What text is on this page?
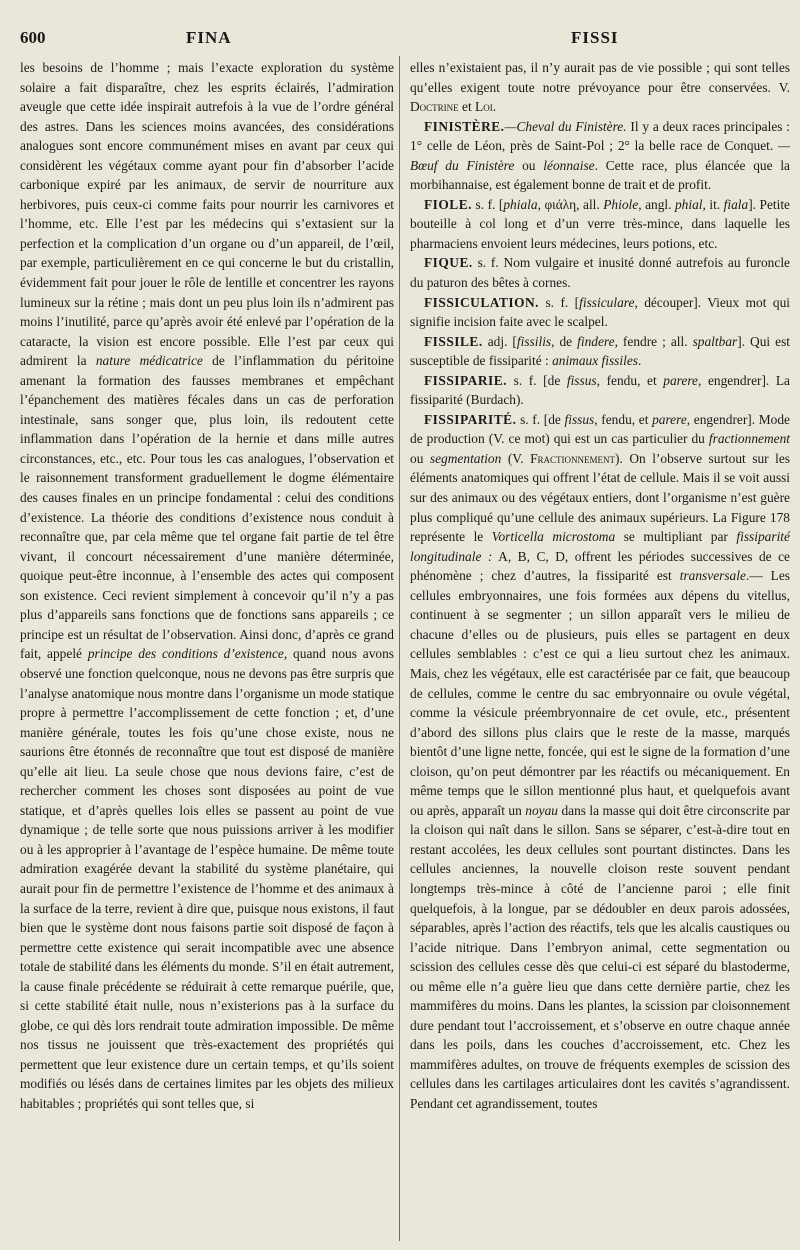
600	FINA	FISSI

les besoins de l’homme ; mais l’exacte exploration du système solaire a fait disparaître, chez les esprits éclairés, l’admiration aveugle que cette idée inspirait autrefois à la vue de l’ordre général des astres. Dans les sciences moins avancées, des considérations analogues sont encore communément mises en avant par ceux qui considèrent les végétaux comme ayant pour fin d’absorber l’acide carbonique expiré par les animaux, de servir de nourriture aux herbivores, puis ceux-ci comme faits pour nourrir les carnivores et l’homme, etc. Elle l’est par les médecins qui s’extasient sur la perfection et la complication d’un organe ou d’un appareil, de l’œil, par exemple, particulièrement en ce qui concerne le but du cristallin, évidemment fait pour jouer le rôle de lentille et concentrer les rayons lumineux sur la rétine ; mais dont un peu plus loin ils n’admirent pas moins l’inutilité, parce qu’après avoir été enlevé par l’opération de la cataracte, la vision est encore possible. Elle l’est par ceux qui admirent la nature médicatrice de l’inflammation du péritoine amenant la formation des fausses membranes et empêchant l’épanchement des matières fécales dans un cas de perforation intestinale, sans songer que, plus loin, ils redoutent cette inflammation dans l’opération de la hernie et dans mille autres circonstances, etc., etc. Pour tous les cas analogues, l’observation et le raisonnement transforment graduellement le dogme élémentaire des causes finales en un principe fondamental : celui des conditions d’existence. La théorie des conditions d’existence nous conduit à reconnaître que, par cela même que tel organe fait partie de tel être vivant, il concourt nécessairement d’une manière déterminée, quoique peut-être inconnue, à l’ensemble des actes qui composent son existence. Ceci revient simplement à concevoir qu’il n’y a pas plus d’appareils sans fonctions que de fonctions sans appareils ; ce principe est un résultat de l’observation. Ainsi donc, d’après ce grand fait, appelé principe des conditions d’existence, quand nous avons observé une fonction quelconque, nous ne devons pas être surpris que l’analyse anatomique nous montre dans l’organisme un mode statique propre à permettre l’accomplissement de cette fonction ; et, d’une manière générale, toutes les fois qu’une chose existe, nous ne saurions être étonnés de reconnaître que tout est disposé de manière qu’elle ait lieu. La seule chose que nous devions faire, c’est de rechercher comment les choses sont disposées au point de vue statique, et d’après quelles lois elles se passent au point de vue dynamique ; de telle sorte que nous puissions arriver à les modifier ou à les approprier à l’avantage de l’espèce humaine. De même toute admiration exagérée devant la stabilité du système planétaire, qui aurait pour fin de permettre l’existence de l’homme et des animaux à la surface de la terre, revient à dire que, puisque nous existons, il faut bien que le système dont nous faisons partie soit disposé de façon à permettre cette existence qui serait incompatible avec une absence totale de stabilité dans les éléments du monde. S’il en était autrement, la cause finale précédente se réduirait à cette remarque puérile, que, si cette stabilité était nulle, nous n’existerions pas à la surface du globe, ce qui dès lors rendrait toute admiration impossible. De même nos tissus ne jouissent que très-exactement des propriétés qui permettent que leur existence dure un certain temps, et qu’ils soient modifiés ou lésés dans de certaines limites par les objets des milieux habitables ; propriétés qui sont telles que, si

elles n’existaient pas, il n’y aurait pas de vie possible ; qui sont telles qu’elles exigent toute notre prévoyance pour être conservées. V. Doctrine et Loi.

FINISTÈRE.—Cheval du Finistère. Il y a deux races principales : 1° celle de Léon, près de Saint-Pol ; 2° la belle race de Conquet. — Bœuf du Finistère ou léonnaise. Cette race, plus élancée que la morbihannaise, est également bonne de trait et de profit.

FIOLE. s. f. [phiala, φιάλη, all. Phiole, angl. phial, it. fiala]. Petite bouteille à col long et d’un verre très-mince, dans laquelle les pharmaciens envoient leurs médecines, leurs potions, etc.

FIQUE. s. f. Nom vulgaire et inusité donné autrefois au furoncle du paturon des bêtes à cornes.

FISSICULATION. s. f. [fissiculare, découper]. Vieux mot qui signifie incision faite avec le scalpel.

FISSILE. adj. [fissilis, de findere, fendre ; all. spaltbar]. Qui est susceptible de fissiparité : animaux fissiles.

FISSIPARIE. s. f. [de fissus, fendu, et parere, engendrer]. La fissiparité (Burdach).

FISSIPARITÉ. s. f. [de fissus, fendu, et parere, engendrer]. Mode de production (V. ce mot) qui est un cas particulier du fractionnement ou segmentation (V. Fractionnement). On l’observe surtout sur les éléments anatomiques qui offrent l’état de cellule. Mais il se voit aussi sur des animaux ou des végétaux entiers, dont l’organisme n’est guère plus compliqué qu’une cellule des animaux supérieurs. La Figure 178 représente le Vorticella microstoma se multipliant par fissiparité longitudinale : A, B, C, D, offrent les périodes successives de ce phénomène ; chez d’autres, la fissiparité est transversale.— Les cellules embryonnaires, une fois formées aux dépens du vitellus, continuent à se segmenter ; un sillon apparaît vers le milieu de chacune d’elles ou de plusieurs, puis elles se partagent en deux cellules semblables : c’est ce qui a lieu surtout chez les animaux. Mais, chez les végétaux, elle est caractérisée par ce fait, que beaucoup de cellules, comme le centre du sac embryonnaire ou ovule végétal, comme la vésicule préembryonnaire de cet ovule, etc., présentent d’abord des sillons plus clairs que le reste de la masse, marqués bientôt d’une ligne nette, foncée, qui est le signe de la formation d’une cloison, qu’on peut démontrer par les réactifs ou mécaniquement. En même temps que le sillon mentionné plus haut, et quelquefois avant ou après, apparaît un noyau dans la masse qui doit être circonscrite par la cloison qui naît dans le sillon. Sans se séparer, c’est-à-dire tout en restant accolées, les deux cellules sont pourtant distinctes. Dans les cellules anciennes, la nouvelle cloison reste souvent pendant longtemps très-mince à côté de l’ancienne paroi ; elle finit quelquefois, à la longue, par se dédoubler en deux parois adossées, séparables, après l’action des réactifs, tels que les alcalis caustiques ou l’acide nitrique. Dans l’embryon animal, cette segmentation ou scission des cellules cesse dès que celui-ci est séparé du blastoderme, ou même elle n’a guère lieu que dans cette dernière partie, chez les mammifères du moins. Dans les plantes, la scission par cloisonnement dure pendant tout l’accroissement, et s’observe en outre chaque année dans les poils, dans les couches d’accroissement, etc. Chez les mammifères adultes, on trouve de fréquents exemples de scission des cellules dans les cartilages articulaires dont les cavités s’agrandissent. Pendant cet agrandissement, toutes
